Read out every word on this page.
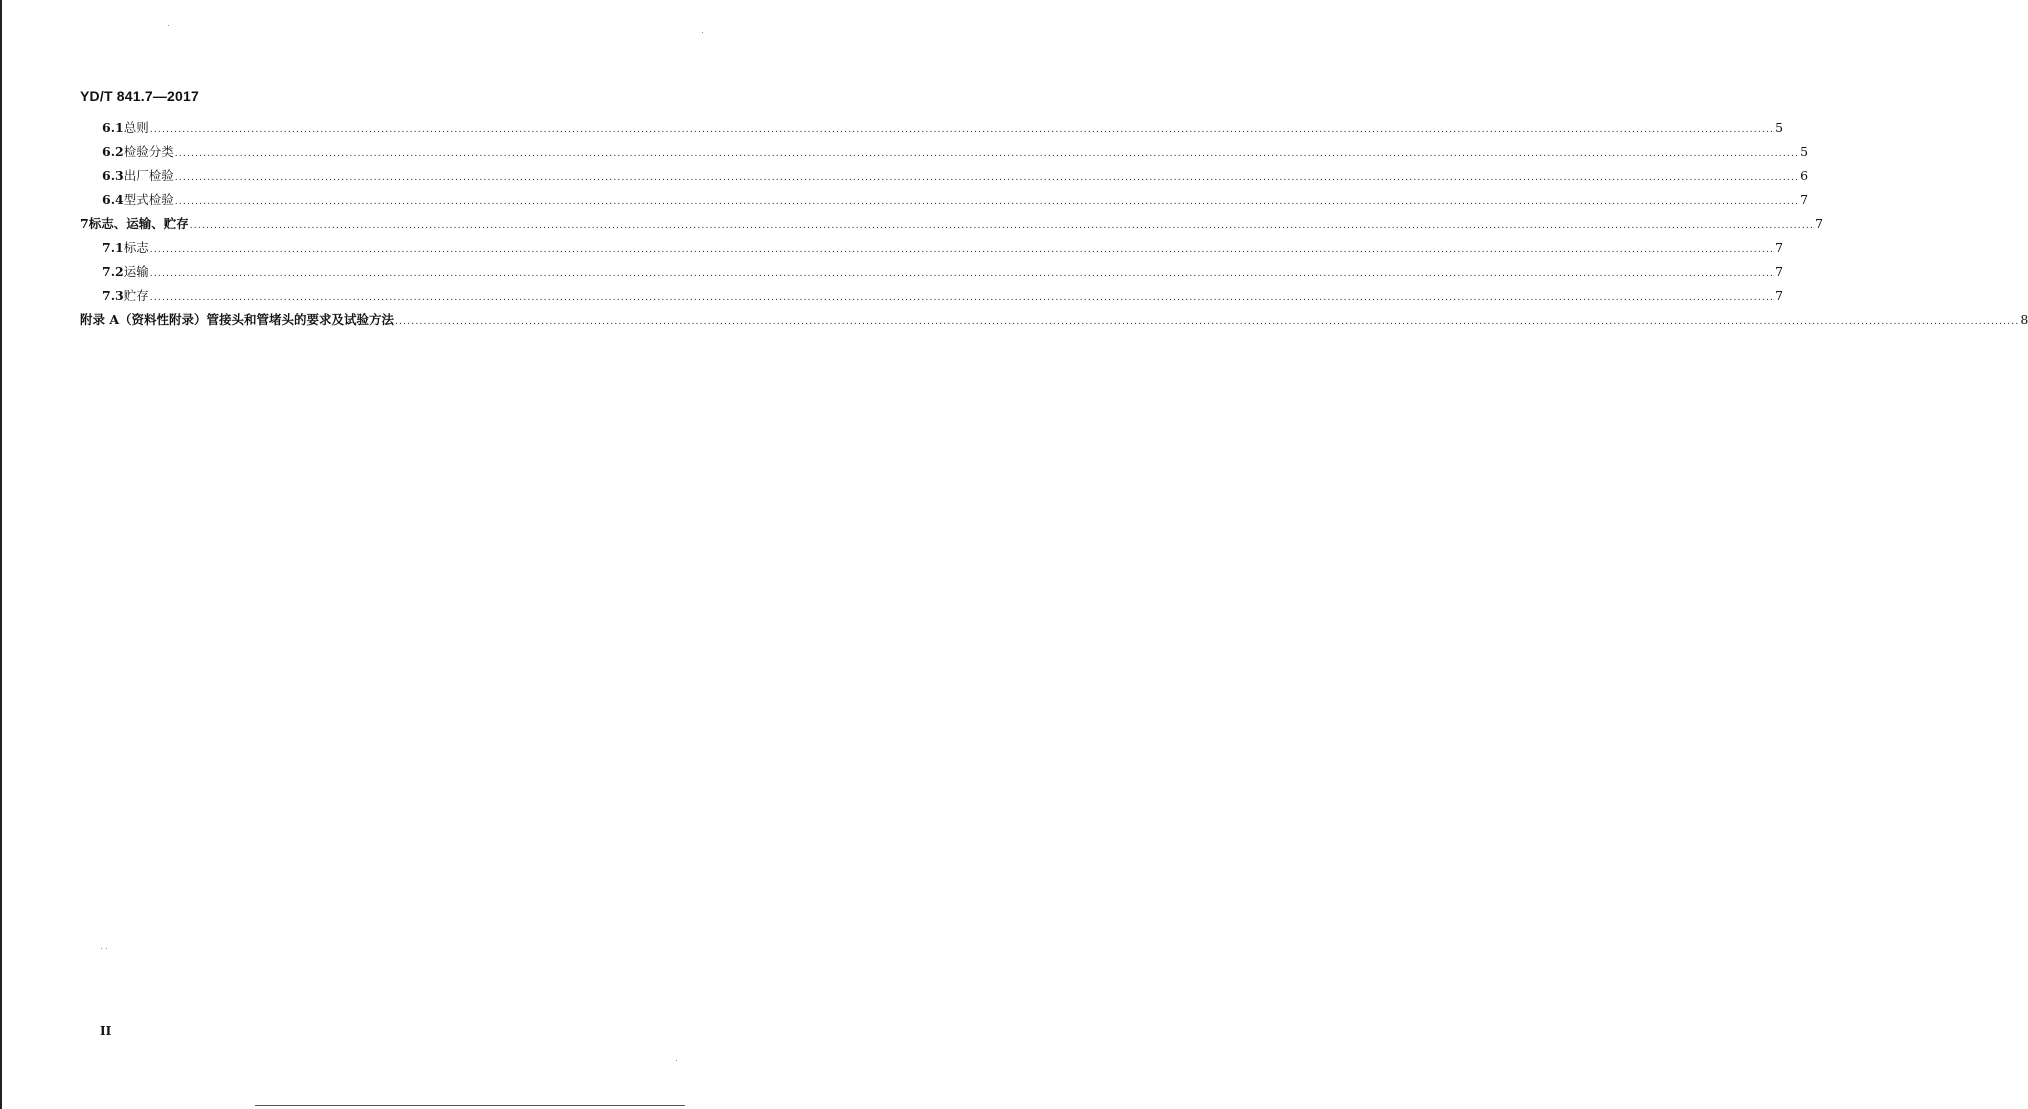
YD/T 841.7—2017
6.1 总则 ................................................................................................................................................................................................................................................................................................................................................................................................................ 5
6.2 检验分类 ................................................................................................................................................................................................................................................................................................................................................................................................................ 5
6.3 出厂检验 ................................................................................................................................................................................................................................................................................................................................................................................................................ 6
6.4 型式检验 ................................................................................................................................................................................................................................................................................................................................................................................................................ 7
7 标志、运输、贮存 ................................................................................................................................................................................................................................................................................................................................................................................................................ 7
7.1 标志 ................................................................................................................................................................................................................................................................................................................................................................................................................ 7
7.2 运输 ................................................................................................................................................................................................................................................................................................................................................................................................................ 7
7.3 贮存 ................................................................................................................................................................................................................................................................................................................................................................................................................ 7
附录 A（资料性附录）管接头和管堵头的要求及试验方法 ................................................................................................................................................................................................................................................................................................................................................................................................................ 8
II
